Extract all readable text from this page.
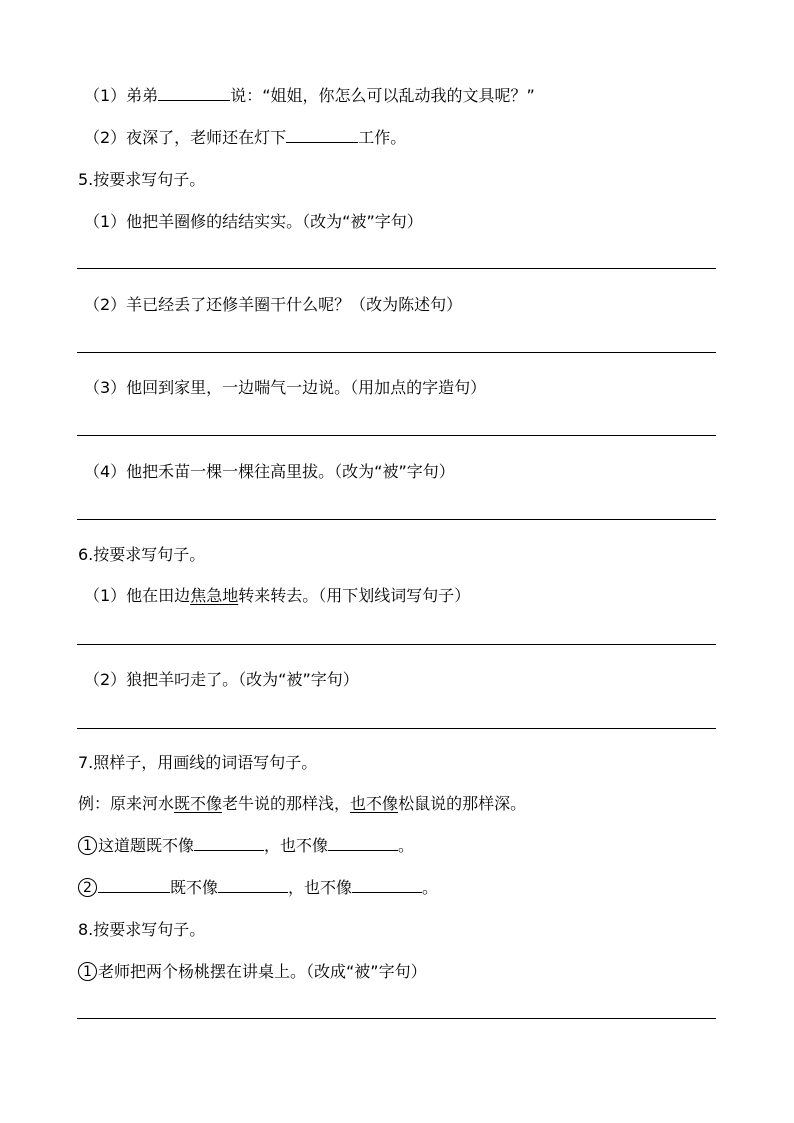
（1）弟弟	说：“姐姐，你怎么可以乱动我的文具呢？”
（2）夜深了，老师还在灯下	工作。
5.按要求写句子。
（1）他把羊圈修的结结实实。（改为“被”字句）
（2）羊已经丢了还修羊圈干什么呢？（改为陈述句）
（3）他回到家里，一边喘气一边说。（用加点的字造句）
（4）他把禾苗一棵一棵往高里拔。（改为“被”字句）
6.按要求写句子。
（1）他在田边焦急地转来转去。（用下划线词写句子）
（2）狼把羊叼走了。（改为“被”字句）
7.照样子，用画线的词语写句子。
例：原来河水既不像老牛说的那样浅，也不像松鼠说的那样深。
1 这道题既不像	，也不像	。
2	既不像	，也不像	。
8.按要求写句子。
1 老师把两个杨桃摆在讲桌上。（改成“被”字句）
